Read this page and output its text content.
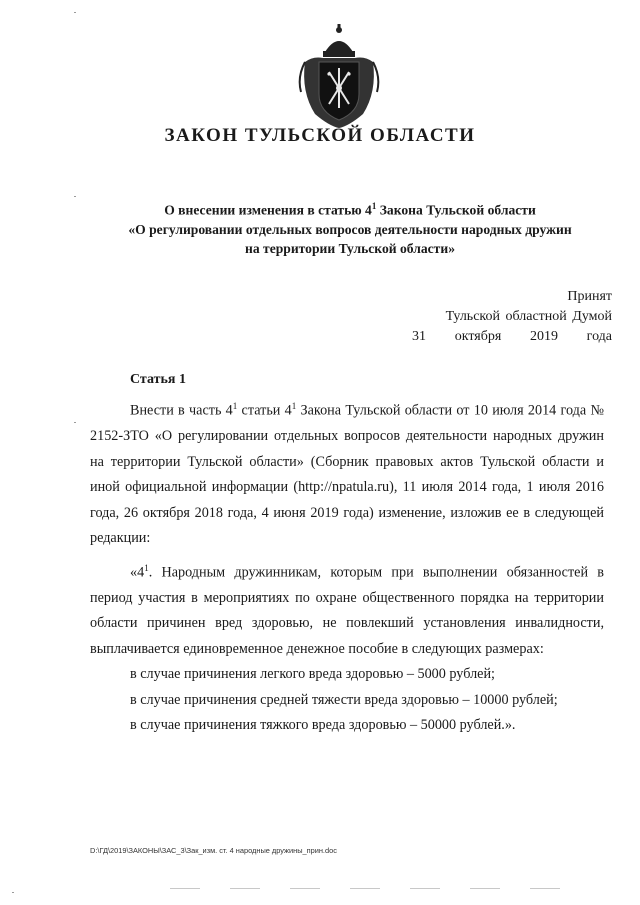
ЗАКОН ТУЛЬСКОЙ ОБЛАСТИ
О внесении изменения в статью $4^1$ Закона Тульской области
«О регулировании отдельных вопросов деятельности народных дружин
на территории Тульской области»
Принят
Тульской областной Думой
31 октября 2019 года
Статья 1

Внести в часть $4^1$ статьи $4^1$ Закона Тульской области от 10 июля 2014 года № 2152-ЗТО «О регулировании отдельных вопросов деятельности народных дружин на территории Тульской области» (Сборник правовых актов Тульской области и иной официальной информации (http://npatula.ru), 11 июля 2014 года, 1 июля 2016 года, 26 октября 2018 года, 4 июня 2019 года) изменение, изложив ее в следующей редакции:

«$4^1$. Народным дружинникам, которым при выполнении обязанностей в период участия в мероприятиях по охране общественного порядка на территории области причинен вред здоровью, не повлекший установления инвалидности, выплачивается единовременное денежное пособие в следующих размерах:

в случае причинения легкого вреда здоровью – 5000 рублей;
в случае причинения средней тяжести вреда здоровью – 10000 рублей;
в случае причинения тяжкого вреда здоровью – 50000 рублей.».
D:\ГД\2019\ЗАКОНЫ\ЗАС_3\Зак_изм. ст. 4 народные дружины_прин.doc
